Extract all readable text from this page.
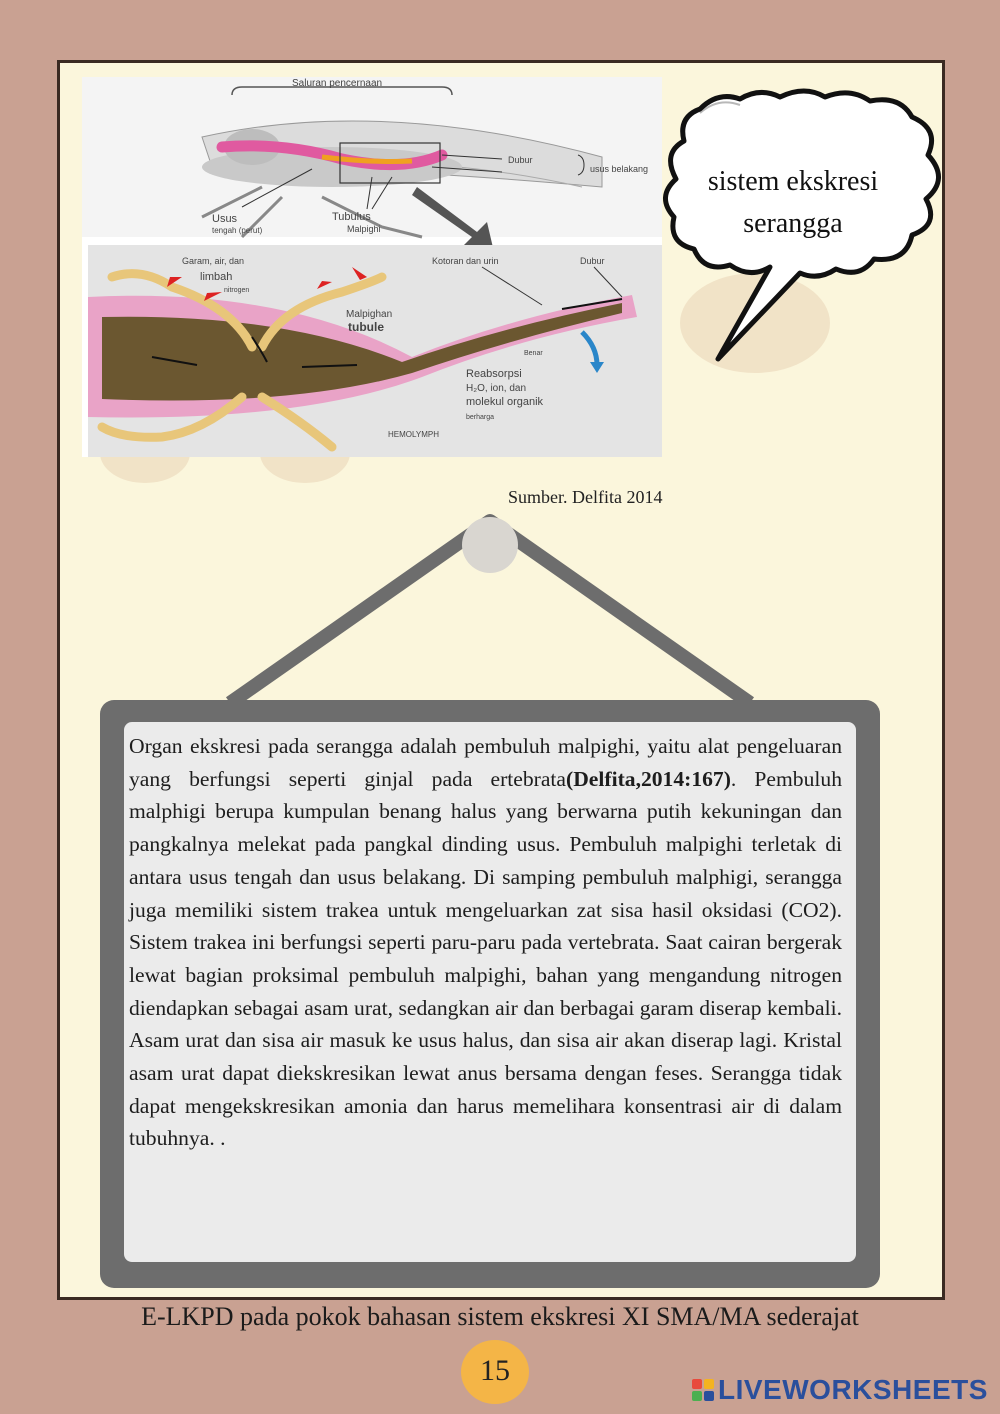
Saluran pencernaan
Dubur
usus belakang
Usus
tengah (perut)
Tubulus
Malpighi
Garam, air, dan
limbah
nitrogen
Kotoran dan urin	Dubur
Malpighan
tubule
Benar
Reabsorpsi
H₂O, ion, dan
molekul organik
berharga
HEMOLYMPH
Sumber. Delfita 2014
sistem ekskresi
serangga

Organ ekskresi pada serangga adalah pembuluh malpighi, yaitu alat pengeluaran yang berfungsi seperti ginjal pada ertebrata(Delfita,2014:167). Pembuluh malphigi berupa kumpulan benang halus yang berwarna putih kekuningan dan pangkalnya melekat pada pangkal dinding usus. Pembuluh malpighi terletak di antara usus tengah dan usus belakang. Di samping pembuluh malphigi, serangga juga memiliki sistem trakea untuk mengeluarkan zat sisa hasil oksidasi (CO2). Sistem trakea ini berfungsi seperti paru-paru pada vertebrata. Saat cairan bergerak lewat bagian proksimal pembuluh malpighi, bahan yang mengandung nitrogen diendapkan sebagai asam urat, sedangkan air dan berbagai garam diserap kembali. Asam urat dan sisa air masuk ke usus halus, dan sisa air akan diserap lagi. Kristal asam urat dapat diekskresikan lewat anus bersama dengan feses. Serangga tidak dapat mengekskresikan amonia dan harus memelihara konsentrasi air di dalam tubuhnya. .

E-LKPD pada pokok bahasan sistem ekskresi XI SMA/MA sederajat
15
LIVEWORKSHEETS
